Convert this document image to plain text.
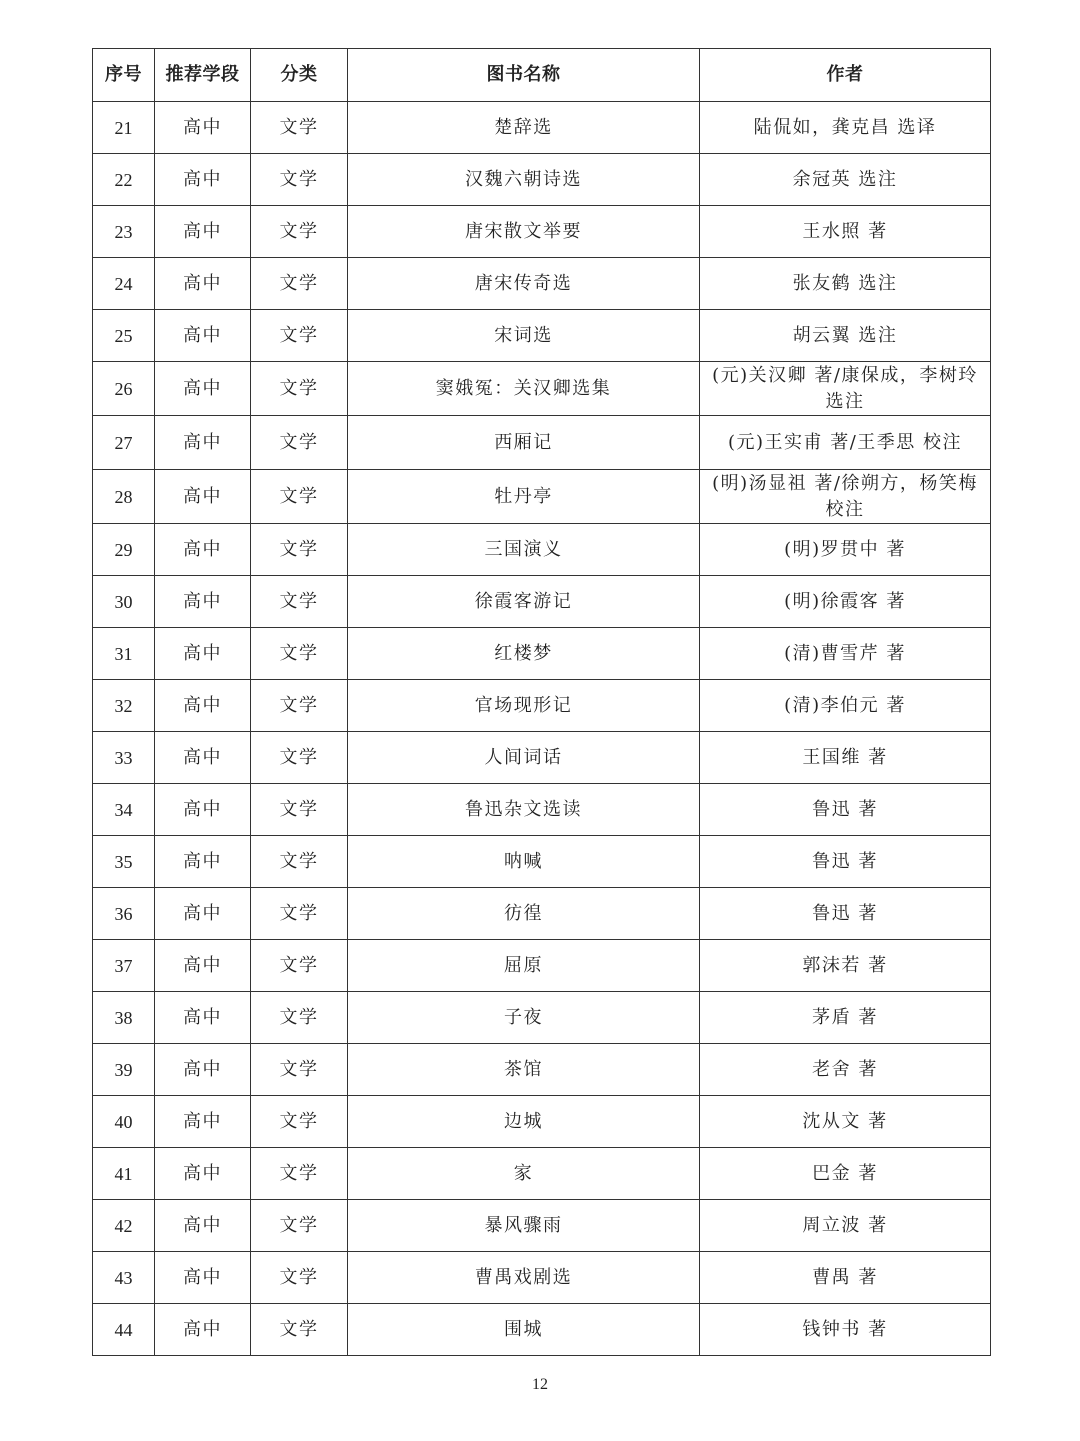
序号	推荐学段	分类	图书名称	作者
21	高中	文学	楚辞选	陆侃如，龚克昌 选译
22	高中	文学	汉魏六朝诗选	余冠英 选注
23	高中	文学	唐宋散文举要	王水照 著
24	高中	文学	唐宋传奇选	张友鹤 选注
25	高中	文学	宋词选	胡云翼 选注
26	高中	文学	窦娥冤：关汉卿选集	(元)关汉卿 著/康保成，李树玲 选注
27	高中	文学	西厢记	(元)王实甫 著/王季思 校注
28	高中	文学	牡丹亭	(明)汤显祖 著/徐朔方，杨笑梅 校注
29	高中	文学	三国演义	(明)罗贯中 著
30	高中	文学	徐霞客游记	(明)徐霞客 著
31	高中	文学	红楼梦	(清)曹雪芹 著
32	高中	文学	官场现形记	(清)李伯元 著
33	高中	文学	人间词话	王国维 著
34	高中	文学	鲁迅杂文选读	鲁迅 著
35	高中	文学	呐喊	鲁迅 著
36	高中	文学	彷徨	鲁迅 著
37	高中	文学	屈原	郭沫若 著
38	高中	文学	子夜	茅盾 著
39	高中	文学	茶馆	老舍 著
40	高中	文学	边城	沈从文 著
41	高中	文学	家	巴金 著
42	高中	文学	暴风骤雨	周立波 著
43	高中	文学	曹禺戏剧选	曹禺 著
44	高中	文学	围城	钱钟书 著
12
